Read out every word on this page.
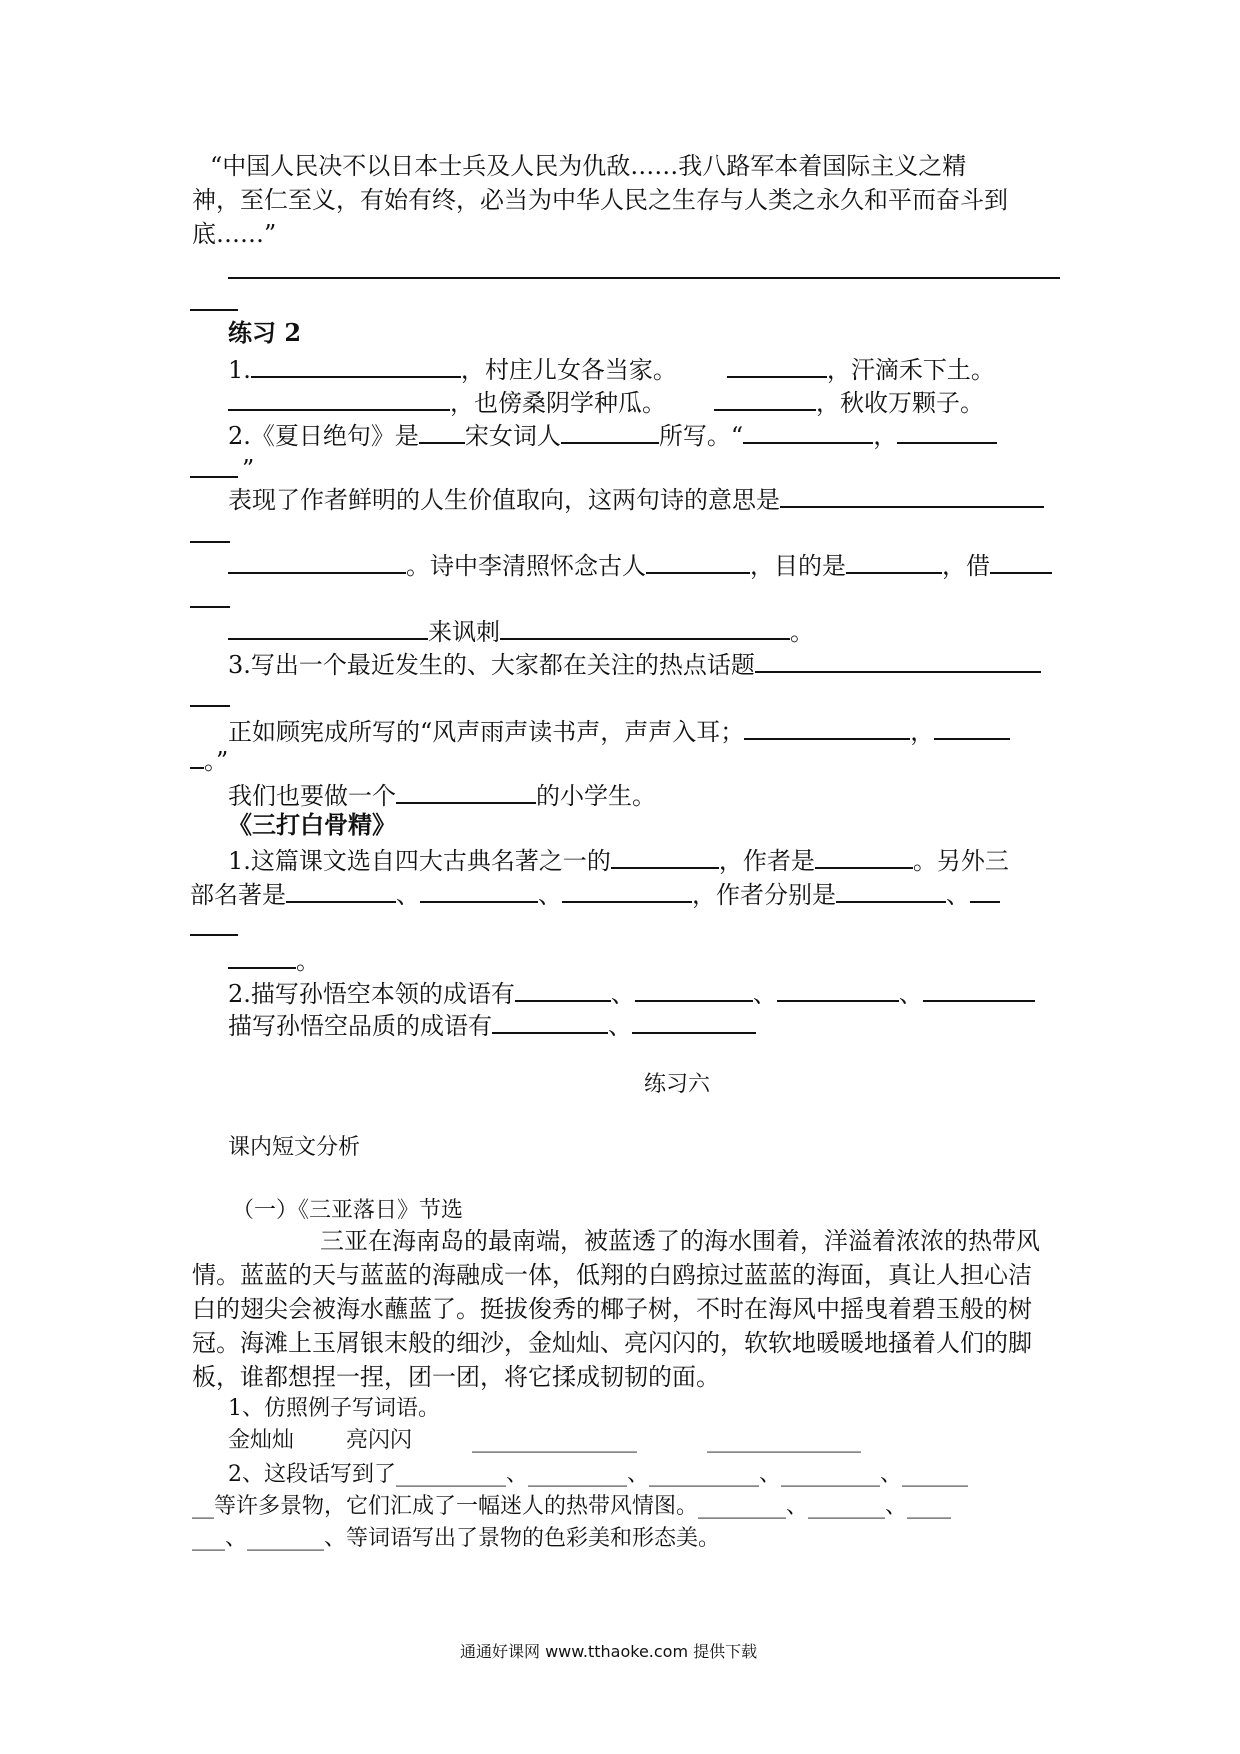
“中国人民决不以日本士兵及人民为仇敌……我八路军本着国际主义之精
神，至仁至义，有始有终，必当为中华人民之生存与人类之永久和平而奋斗到
底……”
练习 2
1.	，村庄儿女各当家。	，汗滴禾下土。
，也傍桑阴学种瓜。	，秋收万颗子。
2.《夏日绝句》是 宋女词人	所写。“	，
”
表现了作者鲜明的人生价值取向，这两句诗的意思是
。诗中李清照怀念古人	，目的是	，借
来讽刺	。
3.写出一个最近发生的、大家都在关注的热点话题
正如顾宪成所写的“风声雨声读书声，声声入耳；	，
。”
我们也要做一个	的小学生。
《三打白骨精》
1.这篇课文选自四大古典名著之一的	，作者是	。另外三
部名著是	、	、	，作者分别是	、
。
2.描写孙悟空本领的成语有	、	、	、
描写孙悟空品质的成语有	、
练习六
课内短文分析
（一）《三亚落日》节选
三亚在海南岛的最南端，被蓝透了的海水围着，洋溢着浓浓的热带风
情。蓝蓝的天与蓝蓝的海融成一体，低翔的白鸥掠过蓝蓝的海面，真让人担心洁
白的翅尖会被海水蘸蓝了。挺拔俊秀的椰子树，不时在海风中摇曳着碧玉般的树
冠。海滩上玉屑银末般的细沙，金灿灿、亮闪闪的，软软地暖暖地搔着人们的脚
板，谁都想捏一捏，团一团，将它揉成韧韧的面。
1、仿照例子写词语。
金灿灿 亮闪闪	_______________	______________
2、这段话写到了__________、_________、__________、_________、______
__等许多景物，它们汇成了一幅迷人的热带风情图。________、_______、____
___、_______、等词语写出了景物的色彩美和形态美。
通通好课网 www.tthaoke.com 提供下载
